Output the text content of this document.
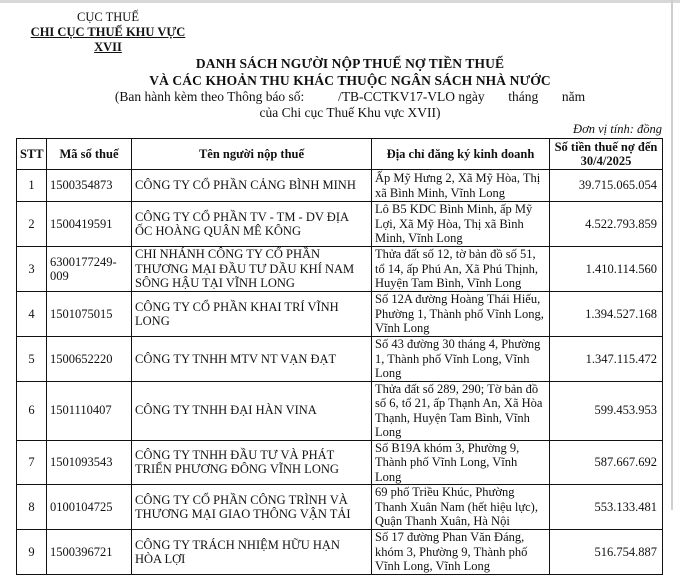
CỤC THUẾ
CHI CỤC THUẾ KHU VỰC XVII
DANH SÁCH NGƯỜI NỘP THUẾ NỢ TIỀN THUẾ
VÀ CÁC KHOẢN THU KHÁC THUỘC NGÂN SÁCH NHÀ NƯỚC
(Ban hành kèm theo Thông báo số:          /TB-CCTKV17-VLO ngày       tháng       năm
của Chi cục Thuế Khu vực XVII)
Đơn vị tính: đồng
STT	Mã số thuế	Tên người nộp thuế	Địa chỉ đăng ký kinh doanh	Số tiền thuế nợ đến 30/4/2025
1	1500354873	CÔNG TY CỔ PHẦN CẢNG BÌNH MINH	Ấp Mỹ Hưng 2, Xã Mỹ Hòa, Thị xã Bình Minh, Vĩnh Long	39.715.065.054
2	1500419591	CÔNG TY CỔ PHẦN TV - TM - DV ĐỊA ỐC HOÀNG QUÂN MÊ KÔNG	Lô B5 KDC Bình Minh, ấp Mỹ Lợi, Xã Mỹ Hòa, Thị xã Bình Minh, Vĩnh Long	4.522.793.859
3	6300177249-009	CHI NHÁNH CÔNG TY CỔ PHẦN THƯƠNG MẠI ĐẦU TƯ DẦU KHÍ NAM SÔNG HẬU TẠI VĨNH LONG	Thửa đất số 12, tờ bản đồ số 51, tổ 14, ấp Phú An, Xã Phú Thịnh, Huyện Tam Bình, Vĩnh Long	1.410.114.560
4	1501075015	CÔNG TY CỔ PHẦN KHAI TRÍ VĨNH LONG	Số 12A đường Hoàng Thái Hiếu, Phường 1, Thành phố Vĩnh Long, Vĩnh Long	1.394.527.168
5	1500652220	CÔNG TY TNHH MTV NT VẠN ĐẠT	Số 43 đường 30 tháng 4, Phường 1, Thành phố Vĩnh Long, Vĩnh Long	1.347.115.472
6	1501110407	CÔNG TY TNHH ĐẠI HÀN VINA	Thửa đất số 289, 290; Tờ bản đồ số 6, tổ 21, ấp Thạnh An, Xã Hòa Thạnh, Huyện Tam Bình, Vĩnh Long	599.453.953
7	1501093543	CÔNG TY TNHH ĐẦU TƯ VÀ PHÁT TRIỂN PHƯƠNG ĐÔNG VĨNH LONG	Số B19A khóm 3, Phường 9, Thành phố Vĩnh Long, Vĩnh Long	587.667.692
8	0100104725	CÔNG TY CỔ PHẦN CÔNG TRÌNH VÀ THƯƠNG MẠI GIAO THÔNG VẬN TẢI	69 phố Triều Khúc, Phường Thanh Xuân Nam (hết hiệu lực), Quận Thanh Xuân, Hà Nội	553.133.481
9	1500396721	CÔNG TY TRÁCH NHIỆM HỮU HẠN HÒA LỢI	Số 17 đường Phan Văn Đáng, khóm 3, Phường 9, Thành phố Vĩnh Long, Vĩnh Long	516.754.887
